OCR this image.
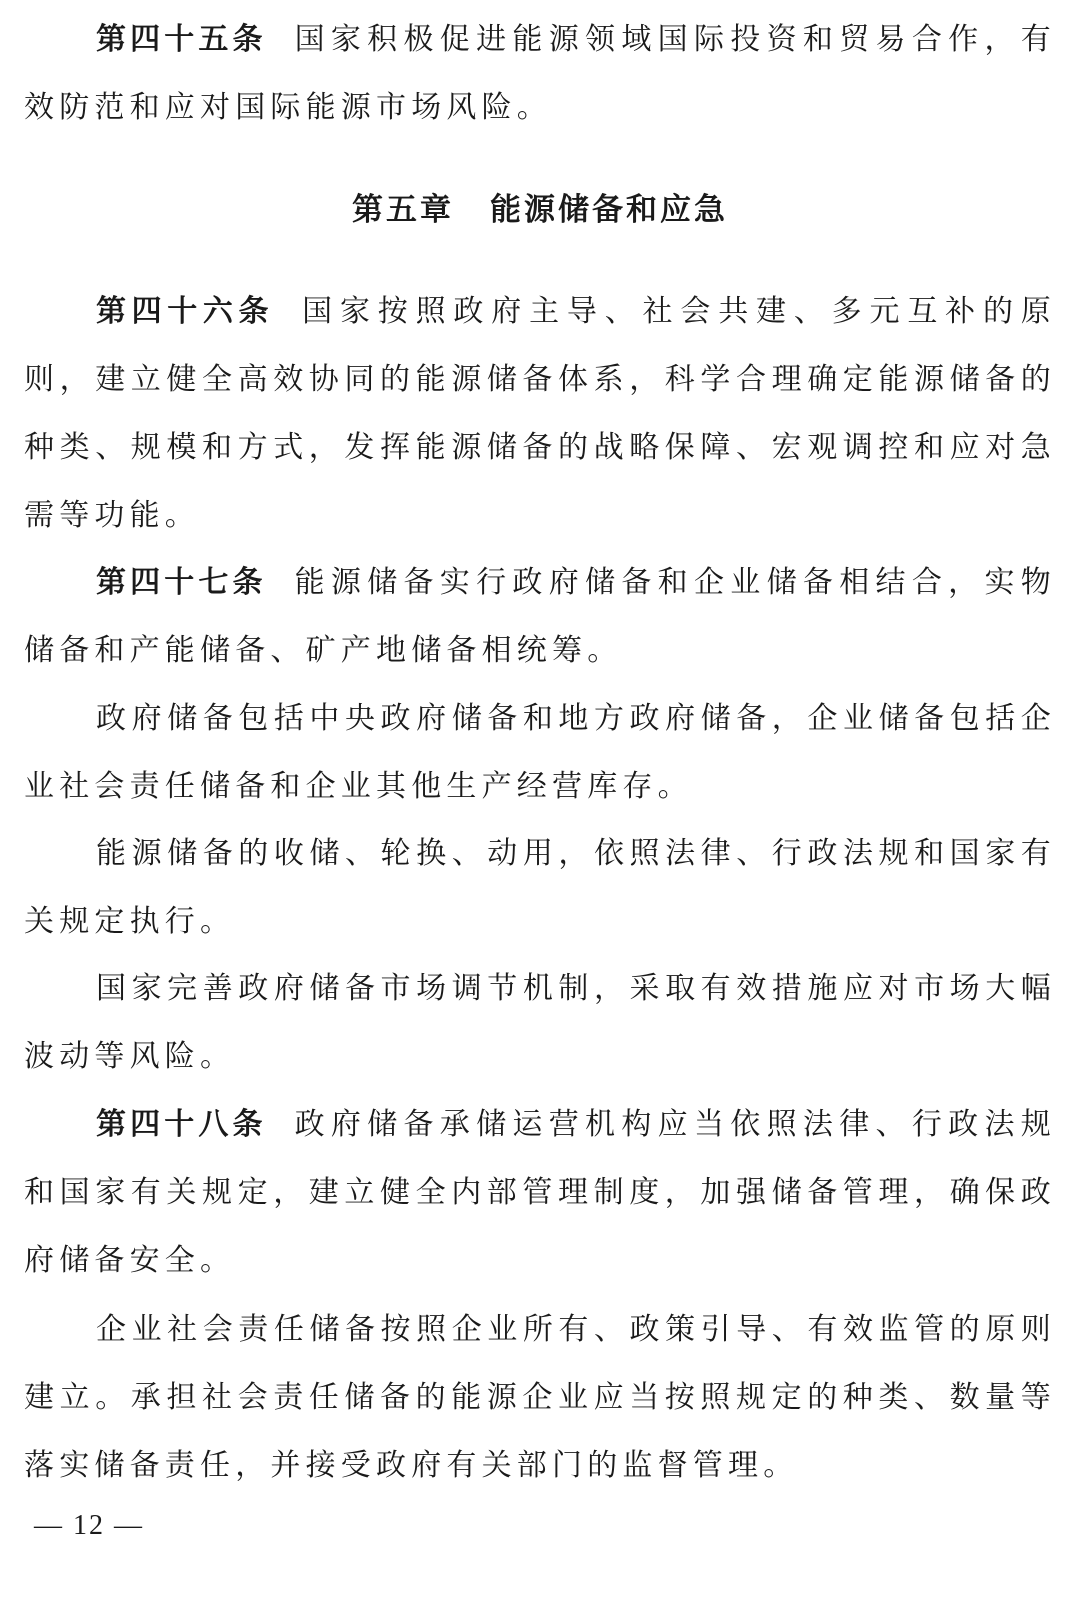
第四十五条 国家积极促进能源领域国际投资和贸易合作，有效防范和应对国际能源市场风险。

第五章 能源储备和应急

第四十六条 国家按照政府主导、社会共建、多元互补的原则，建立健全高效协同的能源储备体系，科学合理确定能源储备的种类、规模和方式，发挥能源储备的战略保障、宏观调控和应对急需等功能。

第四十七条 能源储备实行政府储备和企业储备相结合，实物储备和产能储备、矿产地储备相统筹。

政府储备包括中央政府储备和地方政府储备，企业储备包括企业社会责任储备和企业其他生产经营库存。

能源储备的收储、轮换、动用，依照法律、行政法规和国家有关规定执行。

国家完善政府储备市场调节机制，采取有效措施应对市场大幅波动等风险。

第四十八条 政府储备承储运营机构应当依照法律、行政法规和国家有关规定，建立健全内部管理制度，加强储备管理，确保政府储备安全。

企业社会责任储备按照企业所有、政策引导、有效监管的原则建立。承担社会责任储备的能源企业应当按照规定的种类、数量等落实储备责任，并接受政府有关部门的监督管理。

— 12 —
